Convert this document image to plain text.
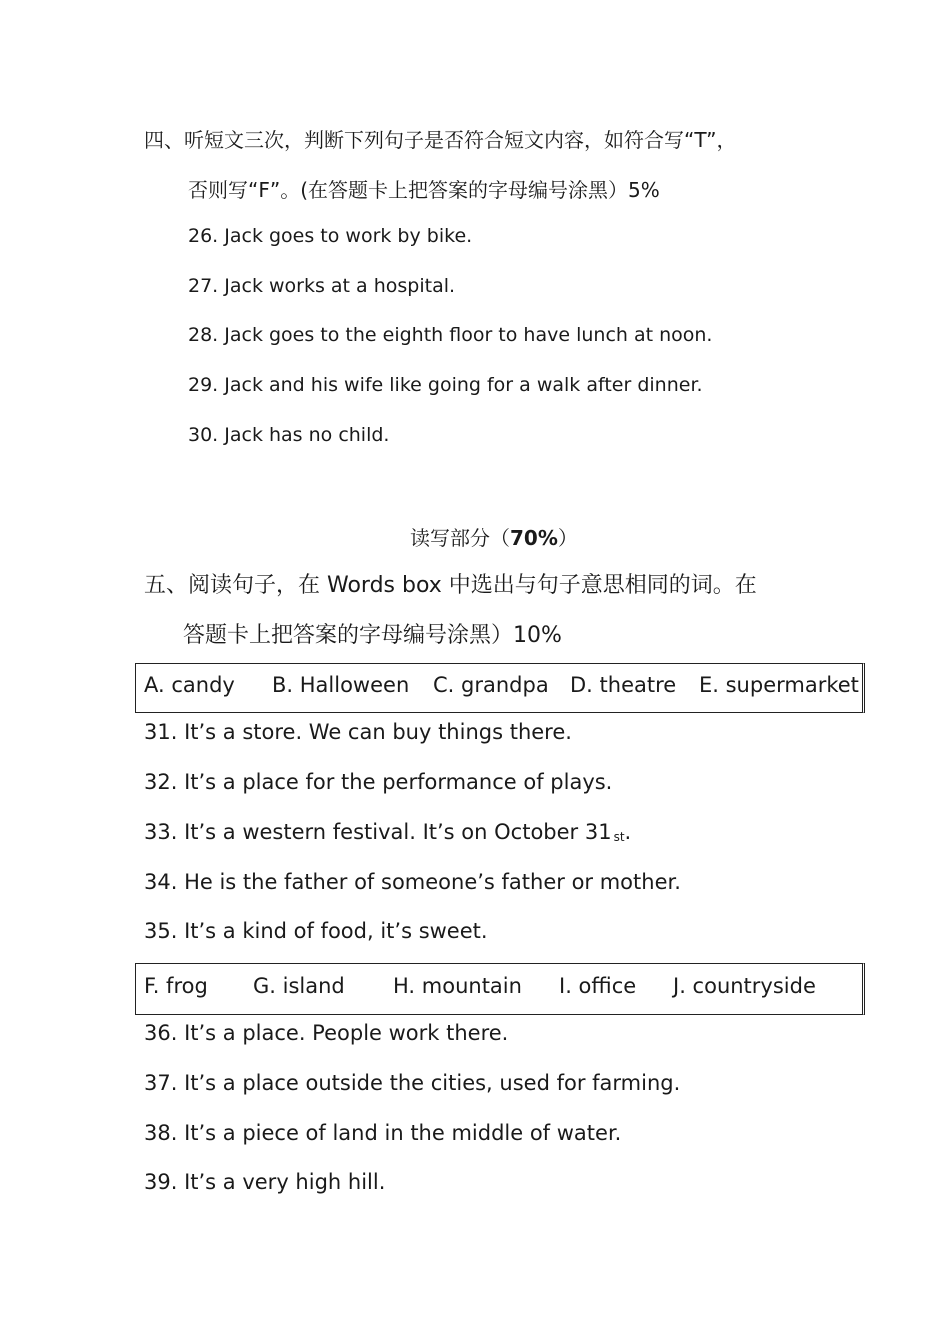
四、听短文三次，判断下列句子是否符合短文内容，如符合写“T”，
否则写“F”。(在答题卡上把答案的字母编号涂黑）5%
26. Jack goes to work by bike.
27. Jack works at a hospital.
28. Jack goes to the eighth floor to have lunch at noon.
29. Jack and his wife like going for a walk after dinner.
30. Jack has no child.
读写部分（70%）
五、阅读句子，在 Words box 中选出与句子意思相同的词。在
答题卡上把答案的字母编号涂黑）10%
A. candy B. Halloween C. grandpa D. theatre E. supermarket
31. It’s a store. We can buy things there.
32. It’s a place for the performance of plays.
33. It’s a western festival. It’s on October 31 $^{st}$.
34. He is the father of someone’s father or mother.
35. It’s a kind of food, it’s sweet.
F. frog G. island H. mountain I. office J. countryside
36. It’s a place. People work there.
37. It’s a place outside the cities, used for farming.
38. It’s a piece of land in the middle of water.
39. It’s a very high hill.
